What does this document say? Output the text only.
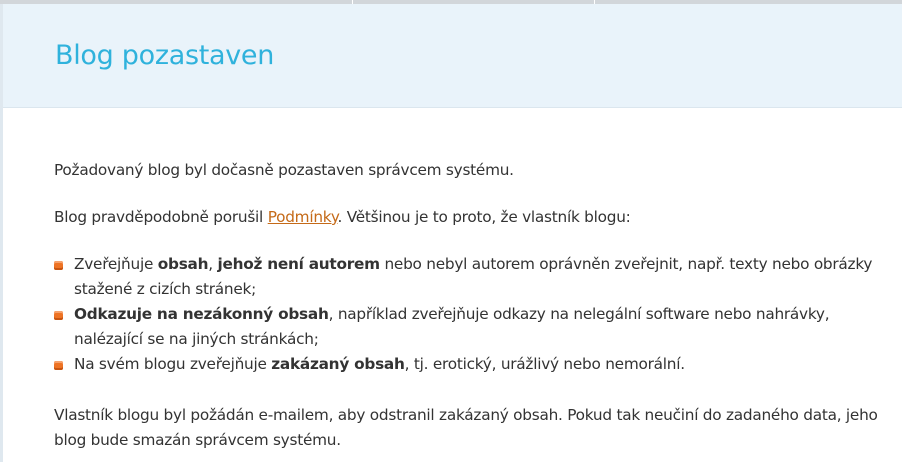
Blog pozastaven

Požadovaný blog byl dočasně pozastaven správcem systému.

Blog pravděpodobně porušil Podmínky. Většinou je to proto, že vlastník blogu:

Zveřejňuje obsah, jehož není autorem nebo nebyl autorem oprávněn zveřejnit, např. texty nebo obrázky stažené z cizích stránek;
Odkazuje na nezákonný obsah, například zveřejňuje odkazy na nelegální software nebo nahrávky, nalézající se na jiných stránkách;
Na svém blogu zveřejňuje zakázaný obsah, tj. erotický, urážlivý nebo nemorální.

Vlastník blogu byl požádán e-mailem, aby odstranil zakázaný obsah. Pokud tak neučiní do zadaného data, jeho blog bude smazán správcem systému.
